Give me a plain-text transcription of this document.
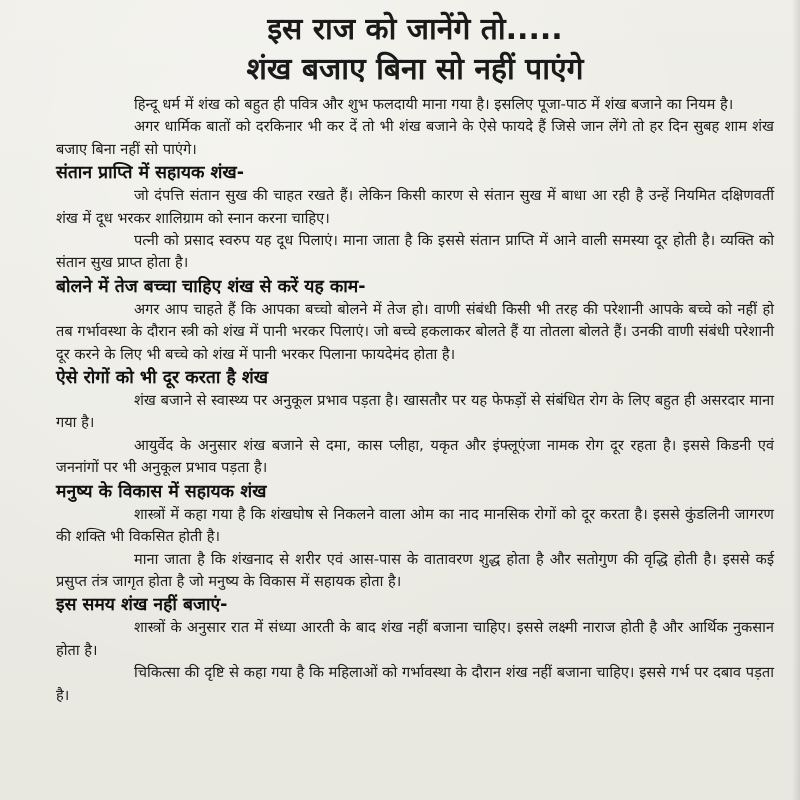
इस राज को जानेंगे तो.....
शंख बजाए बिना सो नहीं पाएंगे

हिन्दू धर्म में शंख को बहुत ही पवित्र और शुभ फलदायी माना गया है। इसलिए पूजा-पाठ में शंख बजाने का नियम है।

अगर धार्मिक बातों को दरकिनार भी कर दें तो भी शंख बजाने के ऐसे फायदे हैं जिसे जान लेंगे तो हर दिन सुबह शाम शंख बजाए बिना नहीं सो पाएंगे।

संतान प्राप्ति में सहायक शंख-

जो दंपत्ति संतान सुख की चाहत रखते हैं। लेकिन किसी कारण से संतान सुख में बाधा आ रही है उन्हें नियमित दक्षिणवर्ती शंख में दूध भरकर शालिग्राम को स्नान करना चाहिए।

पत्नी को प्रसाद स्वरुप यह दूध पिलाएं। माना जाता है कि इससे संतान प्राप्ति में आने वाली समस्या दूर होती है। व्यक्ति को संतान सुख प्राप्त होता है।

बोलने में तेज बच्चा चाहिए शंख से करें यह काम-

अगर आप चाहते हैं कि आपका बच्चो बोलने में तेज हो। वाणी संबंधी किसी भी तरह की परेशानी आपके बच्चे को नहीं हो तब गर्भावस्था के दौरान स्त्री को शंख में पानी भरकर पिलाएं। जो बच्चे हकलाकर बोलते हैं या तोतला बोलते हैं। उनकी वाणी संबंधी परेशानी दूर करने के लिए भी बच्चे को शंख में पानी भरकर पिलाना फायदेमंद होता है।

ऐसे रोगों को भी दूर करता है शंख

शंख बजाने से स्वास्थ्य पर अनुकूल प्रभाव पड़ता है। खासतौर पर यह फेफड़ों से संबंधित रोग के लिए बहुत ही असरदार माना गया है।

आयुर्वेद के अनुसार शंख बजाने से दमा, कास प्लीहा, यकृत और इंफ्लूएंजा नामक रोग दूर रहता है। इससे किडनी एवं जननांगों पर भी अनुकूल प्रभाव पड़ता है।

मनुष्य के विकास में सहायक शंख

शास्त्रों में कहा गया है कि शंखघोष से निकलने वाला ओम का नाद मानसिक रोगों को दूर करता है। इससे कुंडलिनी जागरण की शक्ति भी विकसित होती है।

माना जाता है कि शंखनाद से शरीर एवं आस-पास के वातावरण शुद्ध होता है और सतोगुण की वृद्धि होती है। इससे कई प्रसुप्त तंत्र जागृत होता है जो मनुष्य के विकास में सहायक होता है।

इस समय शंख नहीं बजाएं-

शास्त्रों के अनुसार रात में संध्या आरती के बाद शंख नहीं बजाना चाहिए। इससे लक्ष्मी नाराज होती है और आर्थिक नुकसान होता है।

चिकित्सा की दृष्टि से कहा गया है कि महिलाओं को गर्भावस्था के दौरान शंख नहीं बजाना चाहिए। इससे गर्भ पर दबाव पड़ता है।
